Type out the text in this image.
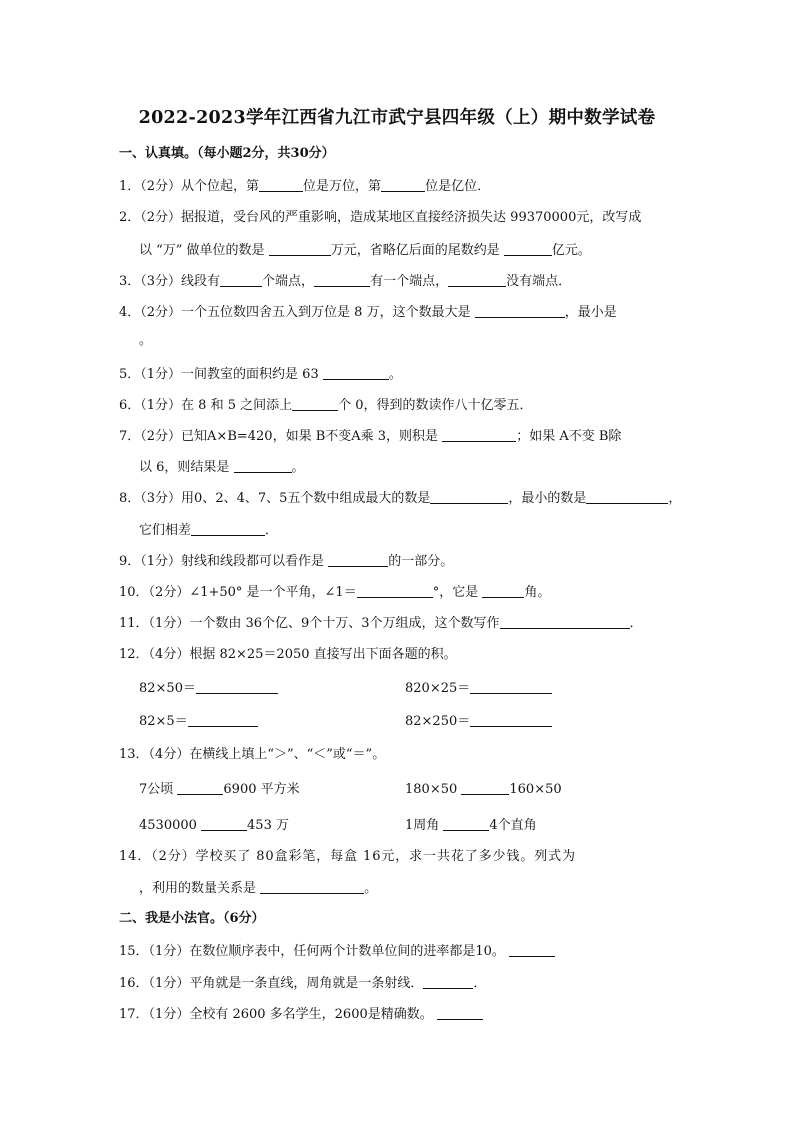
2022-2023学年江西省九江市武宁县四年级（上）期中数学试卷
一、认真填。（每小题2分，共30分）
1．（2分）从个位起，第	位是万位，第	位是亿位．
2．（2分）据报道，受台风的严重影响，造成某地区直接经济损失达 99370000元，改写成
以 “万” 做单位的数是	万元，省略亿后面的尾数约是	亿元。
3．（3分）线段有	个端点，	有一个端点，	没有端点．
4．（2分）一个五位数四舍五入到万位是 8 万，这个数最大是	，最小是
。
5．（1分）一间教室的面积约是 63	。
6．（1分）在 8 和 5 之间添上	个 0，得到的数读作八十亿零五．
7．（2分）已知A×B=420，如果 B不变A乘 3，则积是	；如果 A不变 B除
以 6，则结果是	。
8．（3分）用0、2、4、7、5五个数中组成最大的数是	，最小的数是	，
它们相差	．
9．（1分）射线和线段都可以看作是	的一部分。
10．（2分）∠1+50° 是一个平角，∠1＝	°，它是	角。
11．（1分）一个数由 36个亿、9个十万、3个万组成，这个数写作	．
12．（4分）根据 82×25＝2050 直接写出下面各题的积。
82×50＝	820×25＝
82×5＝	82×250＝
13．（4分）在横线上填上“＞”、“＜”或“＝”。
7公顷	6900 平方米	180×50	160×50
4530000	453 万	1周角	4个直角
14．（2分）学校买了 80盒彩笔，每盒 16元，求一共花了多少钱。列式为
，利用的数量关系是	。
二、我是小法官。（6分）
15．（1分）在数位顺序表中，任何两个计数单位间的进率都是10。
16．（1分）平角就是一条直线，周角就是一条射线．	．
17．（1分）全校有 2600 多名学生，2600是精确数。
